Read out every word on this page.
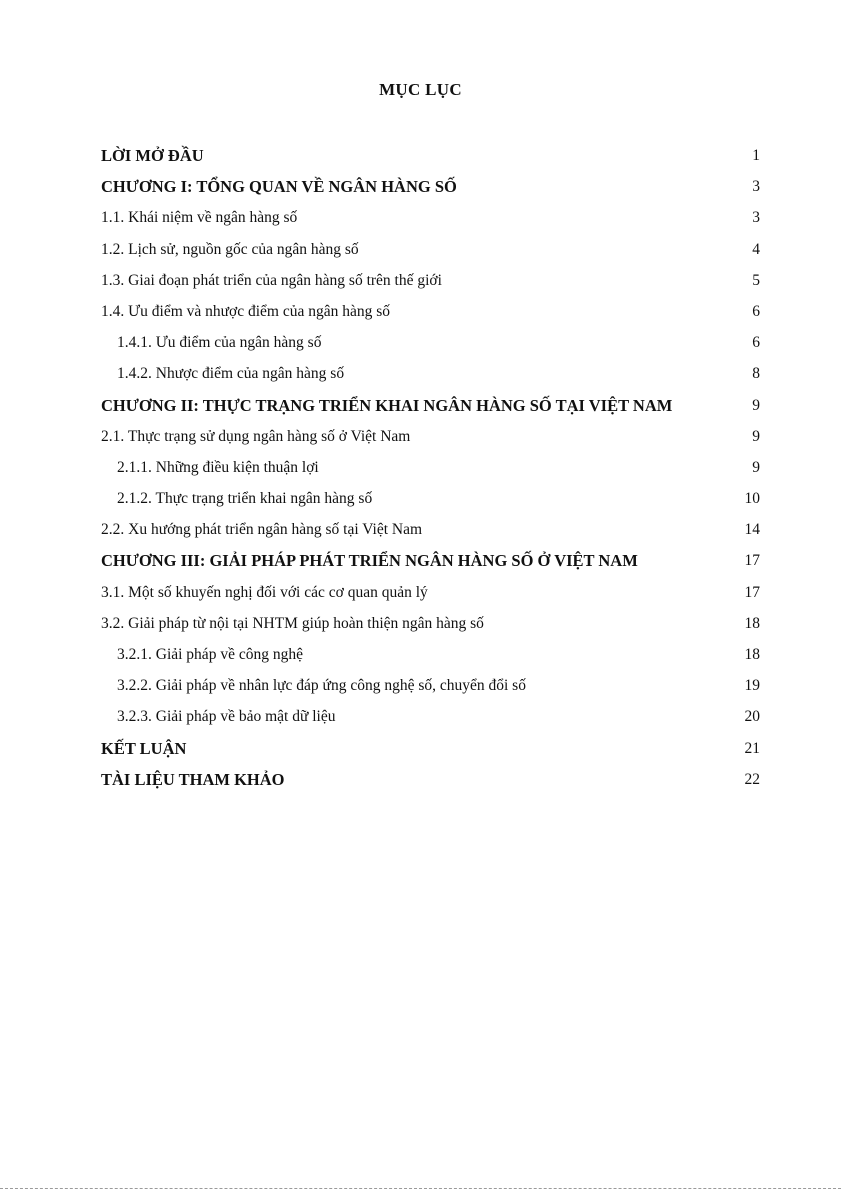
MỤC LỤC
LỜI MỞ ĐẦU	1
CHƯƠNG I: TỔNG QUAN VỀ NGÂN HÀNG SỐ	3
1.1. Khái niệm về ngân hàng số	3
1.2. Lịch sử, nguồn gốc của ngân hàng số	4
1.3. Giai đoạn phát triển của ngân hàng số trên thế giới	5
1.4. Ưu điểm và nhược điểm của ngân hàng số	6
1.4.1. Ưu điểm của ngân hàng số	6
1.4.2. Nhược điểm của ngân hàng số	8
CHƯƠNG II: THỰC TRẠNG TRIỂN KHAI NGÂN HÀNG SỐ TẠI VIỆT NAM	9
2.1. Thực trạng sử dụng ngân hàng số ở Việt Nam	9
2.1.1. Những điều kiện thuận lợi	9
2.1.2. Thực trạng triển khai ngân hàng số	10
2.2. Xu hướng phát triển ngân hàng số tại Việt Nam	14
CHƯƠNG III: GIẢI PHÁP PHÁT TRIỂN NGÂN HÀNG SỐ Ở VIỆT NAM	17
3.1. Một số khuyến nghị đối với các cơ quan quản lý	17
3.2. Giải pháp từ nội tại NHTM giúp hoàn thiện ngân hàng số	18
3.2.1. Giải pháp về công nghệ	18
3.2.2. Giải pháp về nhân lực đáp ứng công nghệ số, chuyển đổi số	19
3.2.3. Giải pháp về bảo mật dữ liệu	20
KẾT LUẬN	21
TÀI LIỆU THAM KHẢO	22
